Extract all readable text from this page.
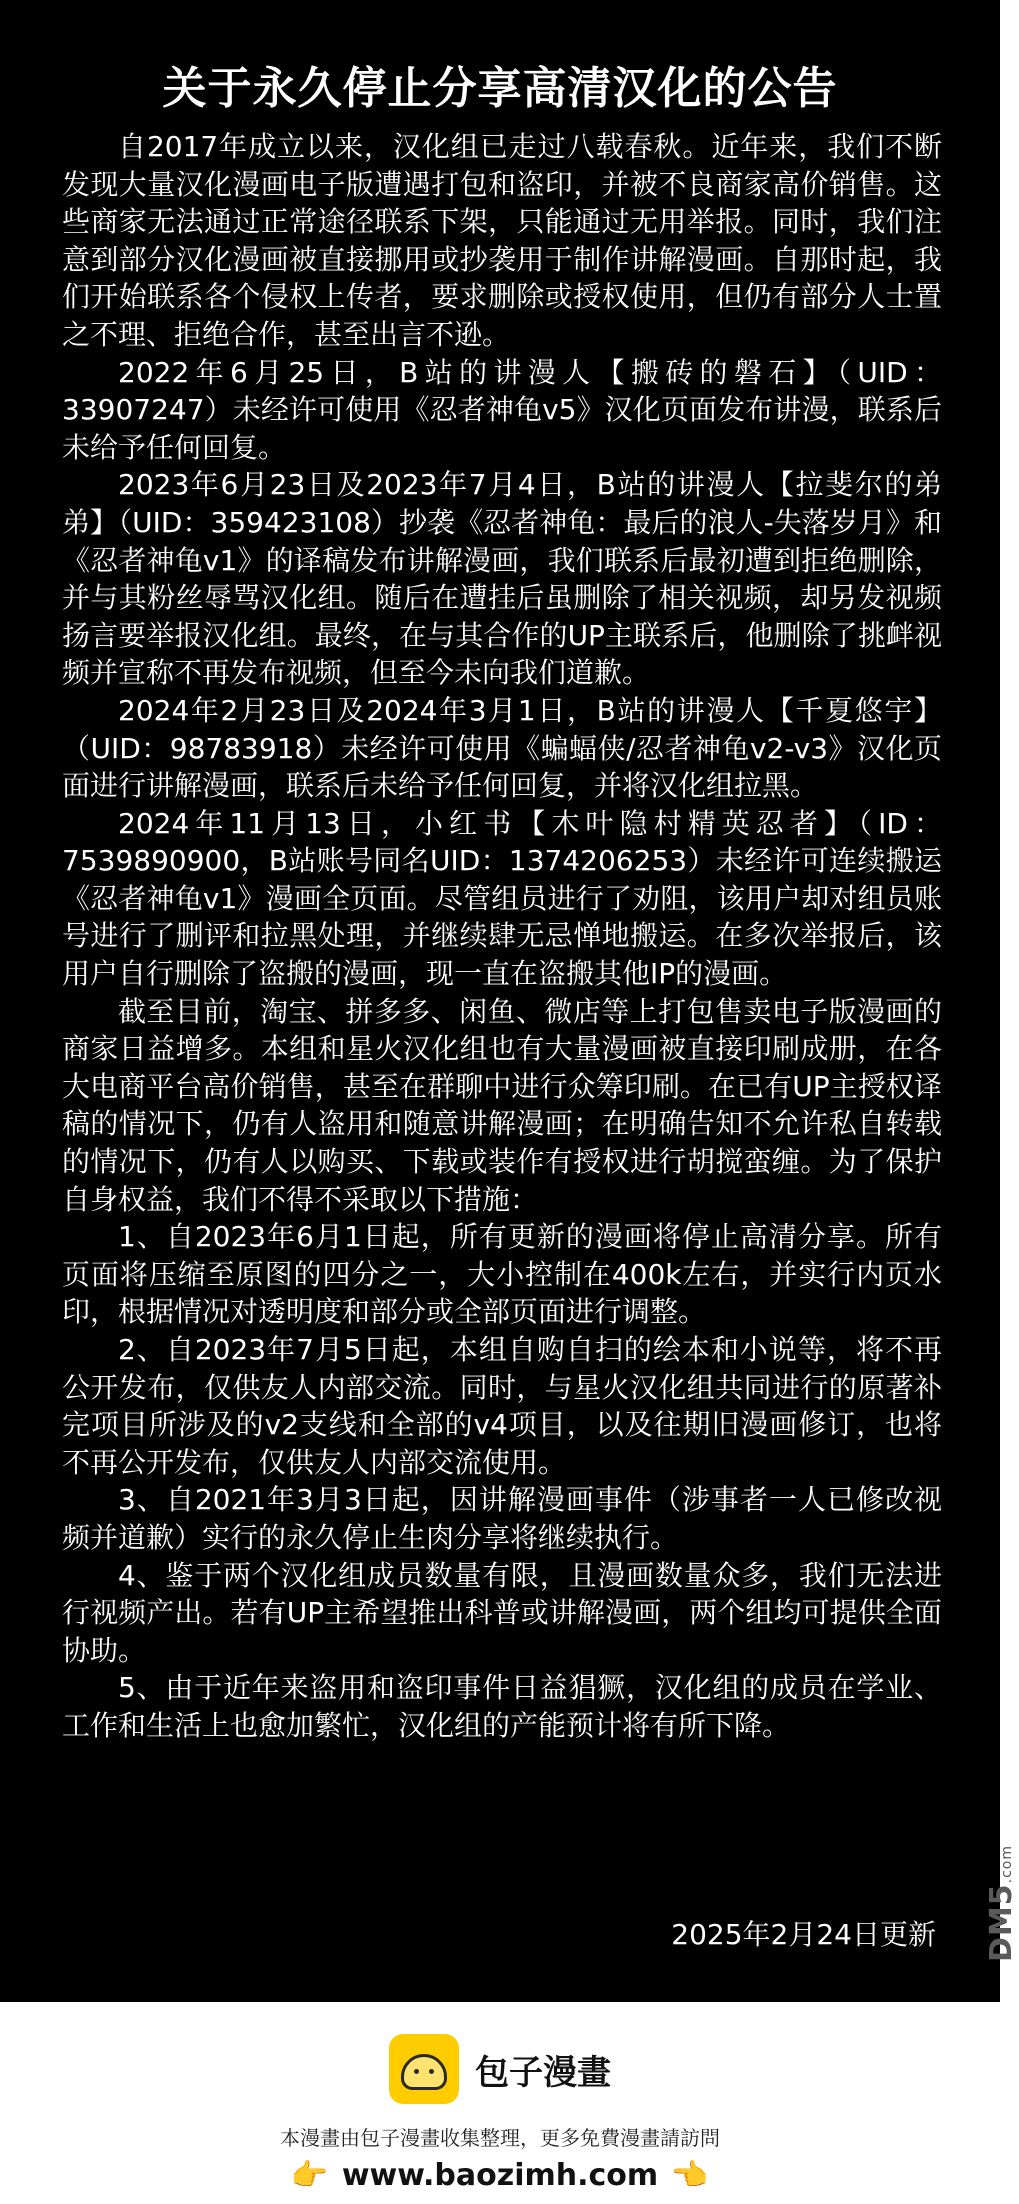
关于永久停止分享高清汉化的公告

自2017年成立以来，汉化组已走过八载春秋。近年来，我们不断发现大量汉化漫画电子版遭遇打包和盗印，并被不良商家高价销售。这些商家无法通过正常途径联系下架，只能通过无用举报。同时，我们注意到部分汉化漫画被直接挪用或抄袭用于制作讲解漫画。自那时起，我们开始联系各个侵权上传者，要求删除或授权使用，但仍有部分人士置之不理、拒绝合作，甚至出言不逊。

2022年6月25日，B站的讲漫人【搬砖的磐石】（UID：33907247）未经许可使用《忍者神龟v5》汉化页面发布讲漫，联系后未给予任何回复。

2023年6月23日及2023年7月4日，B站的讲漫人【拉斐尔的弟弟】（UID：359423108）抄袭《忍者神龟：最后的浪人-失落岁月》和《忍者神龟v1》的译稿发布讲解漫画，我们联系后最初遭到拒绝删除，并与其粉丝辱骂汉化组。随后在遭挂后虽删除了相关视频，却另发视频扬言要举报汉化组。最终，在与其合作的UP主联系后，他删除了挑衅视频并宣称不再发布视频，但至今未向我们道歉。

2024年2月23日及2024年3月1日，B站的讲漫人【千夏悠宇】（UID：98783918）未经许可使用《蝙蝠侠/忍者神龟v2-v3》汉化页面进行讲解漫画，联系后未给予任何回复，并将汉化组拉黑。

2024年11月13日，小红书【木叶隐村精英忍者】（ID：7539890900，B站账号同名UID：1374206253）未经许可连续搬运《忍者神龟v1》漫画全页面。尽管组员进行了劝阻，该用户却对组员账号进行了删评和拉黑处理，并继续肆无忌惮地搬运。在多次举报后，该用户自行删除了盗搬的漫画，现一直在盗搬其他IP的漫画。

截至目前，淘宝、拼多多、闲鱼、微店等上打包售卖电子版漫画的商家日益增多。本组和星火汉化组也有大量漫画被直接印刷成册，在各大电商平台高价销售，甚至在群聊中进行众筹印刷。在已有UP主授权译稿的情况下，仍有人盗用和随意讲解漫画；在明确告知不允许私自转载的情况下，仍有人以购买、下载或装作有授权进行胡搅蛮缠。为了保护自身权益，我们不得不采取以下措施：

1、自2023年6月1日起，所有更新的漫画将停止高清分享。所有页面将压缩至原图的四分之一，大小控制在400k左右，并实行内页水印，根据情况对透明度和部分或全部页面进行调整。

2、自2023年7月5日起，本组自购自扫的绘本和小说等，将不再公开发布，仅供友人内部交流。同时，与星火汉化组共同进行的原著补完项目所涉及的v2支线和全部的v4项目，以及往期旧漫画修订，也将不再公开发布，仅供友人内部交流使用。

3、自2021年3月3日起，因讲解漫画事件（涉事者一人已修改视频并道歉）实行的永久停止生肉分享将继续执行。

4、鉴于两个汉化组成员数量有限，且漫画数量众多，我们无法进行视频产出。若有UP主希望推出科普或讲解漫画，两个组均可提供全面协助。

5、由于近年来盗用和盗印事件日益猖獗，汉化组的成员在学业、工作和生活上也愈加繁忙，汉化组的产能预计将有所下降。

2025年2月24日更新 DM5.com
包子漫畫
本漫畫由包子漫畫收集整理，更多免費漫畫請訪問
👉 www.baozimh.com 👉
